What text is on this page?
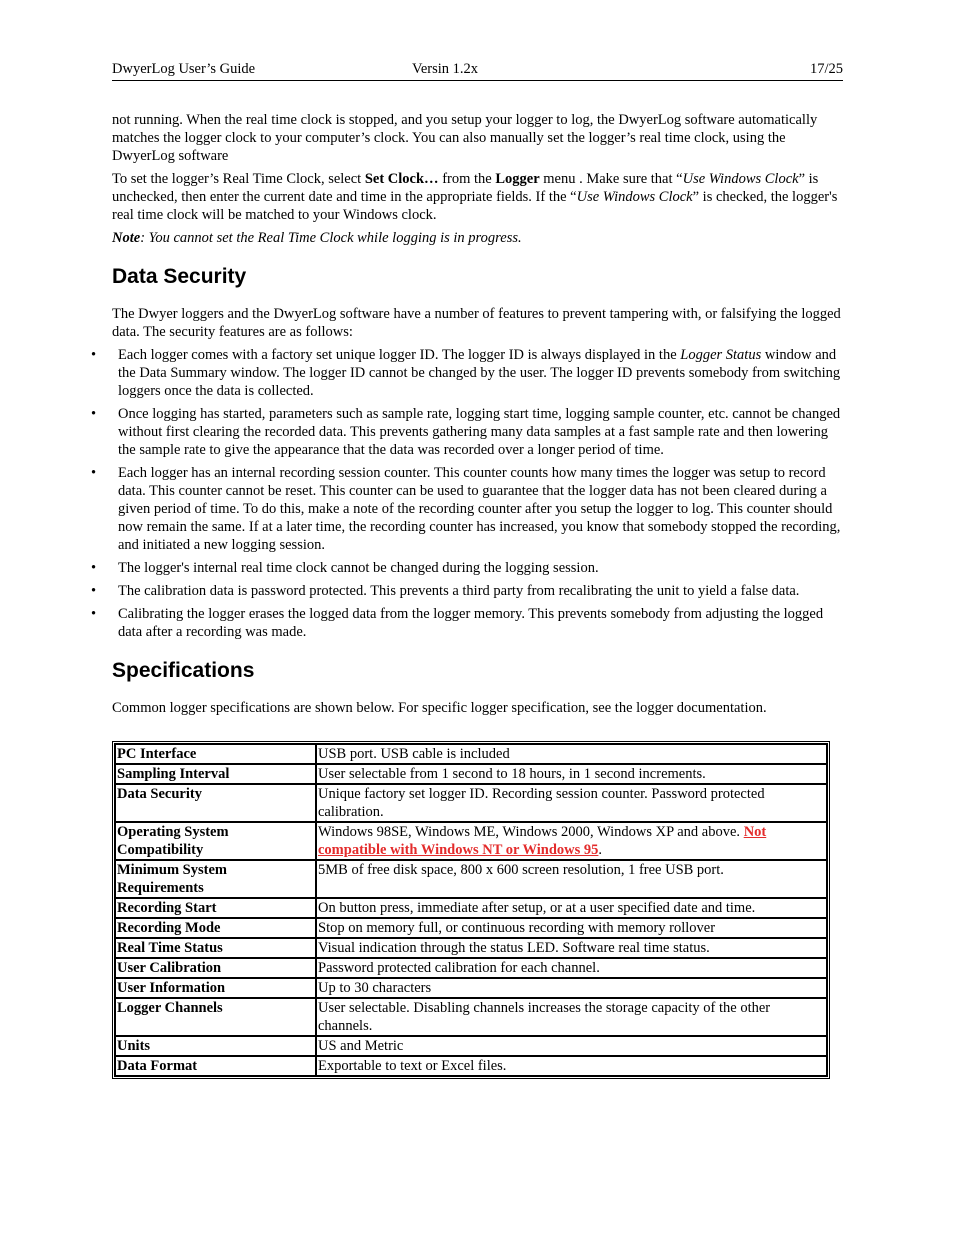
DwyerLog User’s Guide	Versin 1.2x	17/25

not running. When the real time clock is stopped, and you setup your logger to log, the DwyerLog software automatically matches the logger clock to your computer’s clock. You can also manually set the logger’s real time clock, using the DwyerLog software

To set the logger’s Real Time Clock, select Set Clock… from the Logger menu . Make sure that “Use Windows Clock” is unchecked, then enter the current date and time in the appropriate fields. If the “Use Windows Clock” is checked, the logger's real time clock will be matched to your Windows clock.

Note: You cannot set the Real Time Clock while logging is in progress.

Data Security

The Dwyer loggers and the DwyerLog software have a number of features to prevent tampering with, or falsifying the logged data. The security features are as follows:

• Each logger comes with a factory set unique logger ID. The logger ID is always displayed in the Logger Status window and the Data Summary window. The logger ID cannot be changed by the user. The logger ID prevents somebody from switching loggers once the data is collected.
• Once logging has started, parameters such as sample rate, logging start time, logging sample counter, etc. cannot be changed without first clearing the recorded data. This prevents gathering many data samples at a fast sample rate and then lowering the sample rate to give the appearance that the data was recorded over a longer period of time.
• Each logger has an internal recording session counter. This counter counts how many times the logger was setup to record data. This counter cannot be reset. This counter can be used to guarantee that the logger data has not been cleared during a given period of time. To do this, make a note of the recording counter after you setup the logger to log. This counter should now remain the same. If at a later time, the recording counter has increased, you know that somebody stopped the recording, and initiated a new logging session.
• The logger's internal real time clock cannot be changed during the logging session.
• The calibration data is password protected. This prevents a third party from recalibrating the unit to yield a false data.
• Calibrating the logger erases the logged data from the logger memory. This prevents somebody from adjusting the logged data after a recording was made.
Specifications

Common logger specifications are shown below. For specific logger specification, see the logger documentation.

PC Interface	USB port. USB cable is included
Sampling Interval	User selectable from 1 second to 18 hours, in 1 second increments.
Data Security	Unique factory set logger ID. Recording session counter. Password protected calibration.
Operating System Compatibility	Windows 98SE, Windows ME, Windows 2000, Windows XP and above. Not compatible with Windows NT or Windows 95.
Minimum System Requirements	5MB of free disk space, 800 x 600 screen resolution, 1 free USB port.
Recording Start	On button press, immediate after setup, or at a user specified date and time.
Recording Mode	Stop on memory full, or continuous recording with memory rollover
Real Time Status	Visual indication through the status LED. Software real time status.
User Calibration	Password protected calibration for each channel.
User Information	Up to 30 characters
Logger Channels	User selectable. Disabling channels increases the storage capacity of the other channels.
Units	US and Metric
Data Format	Exportable to text or Excel files.
